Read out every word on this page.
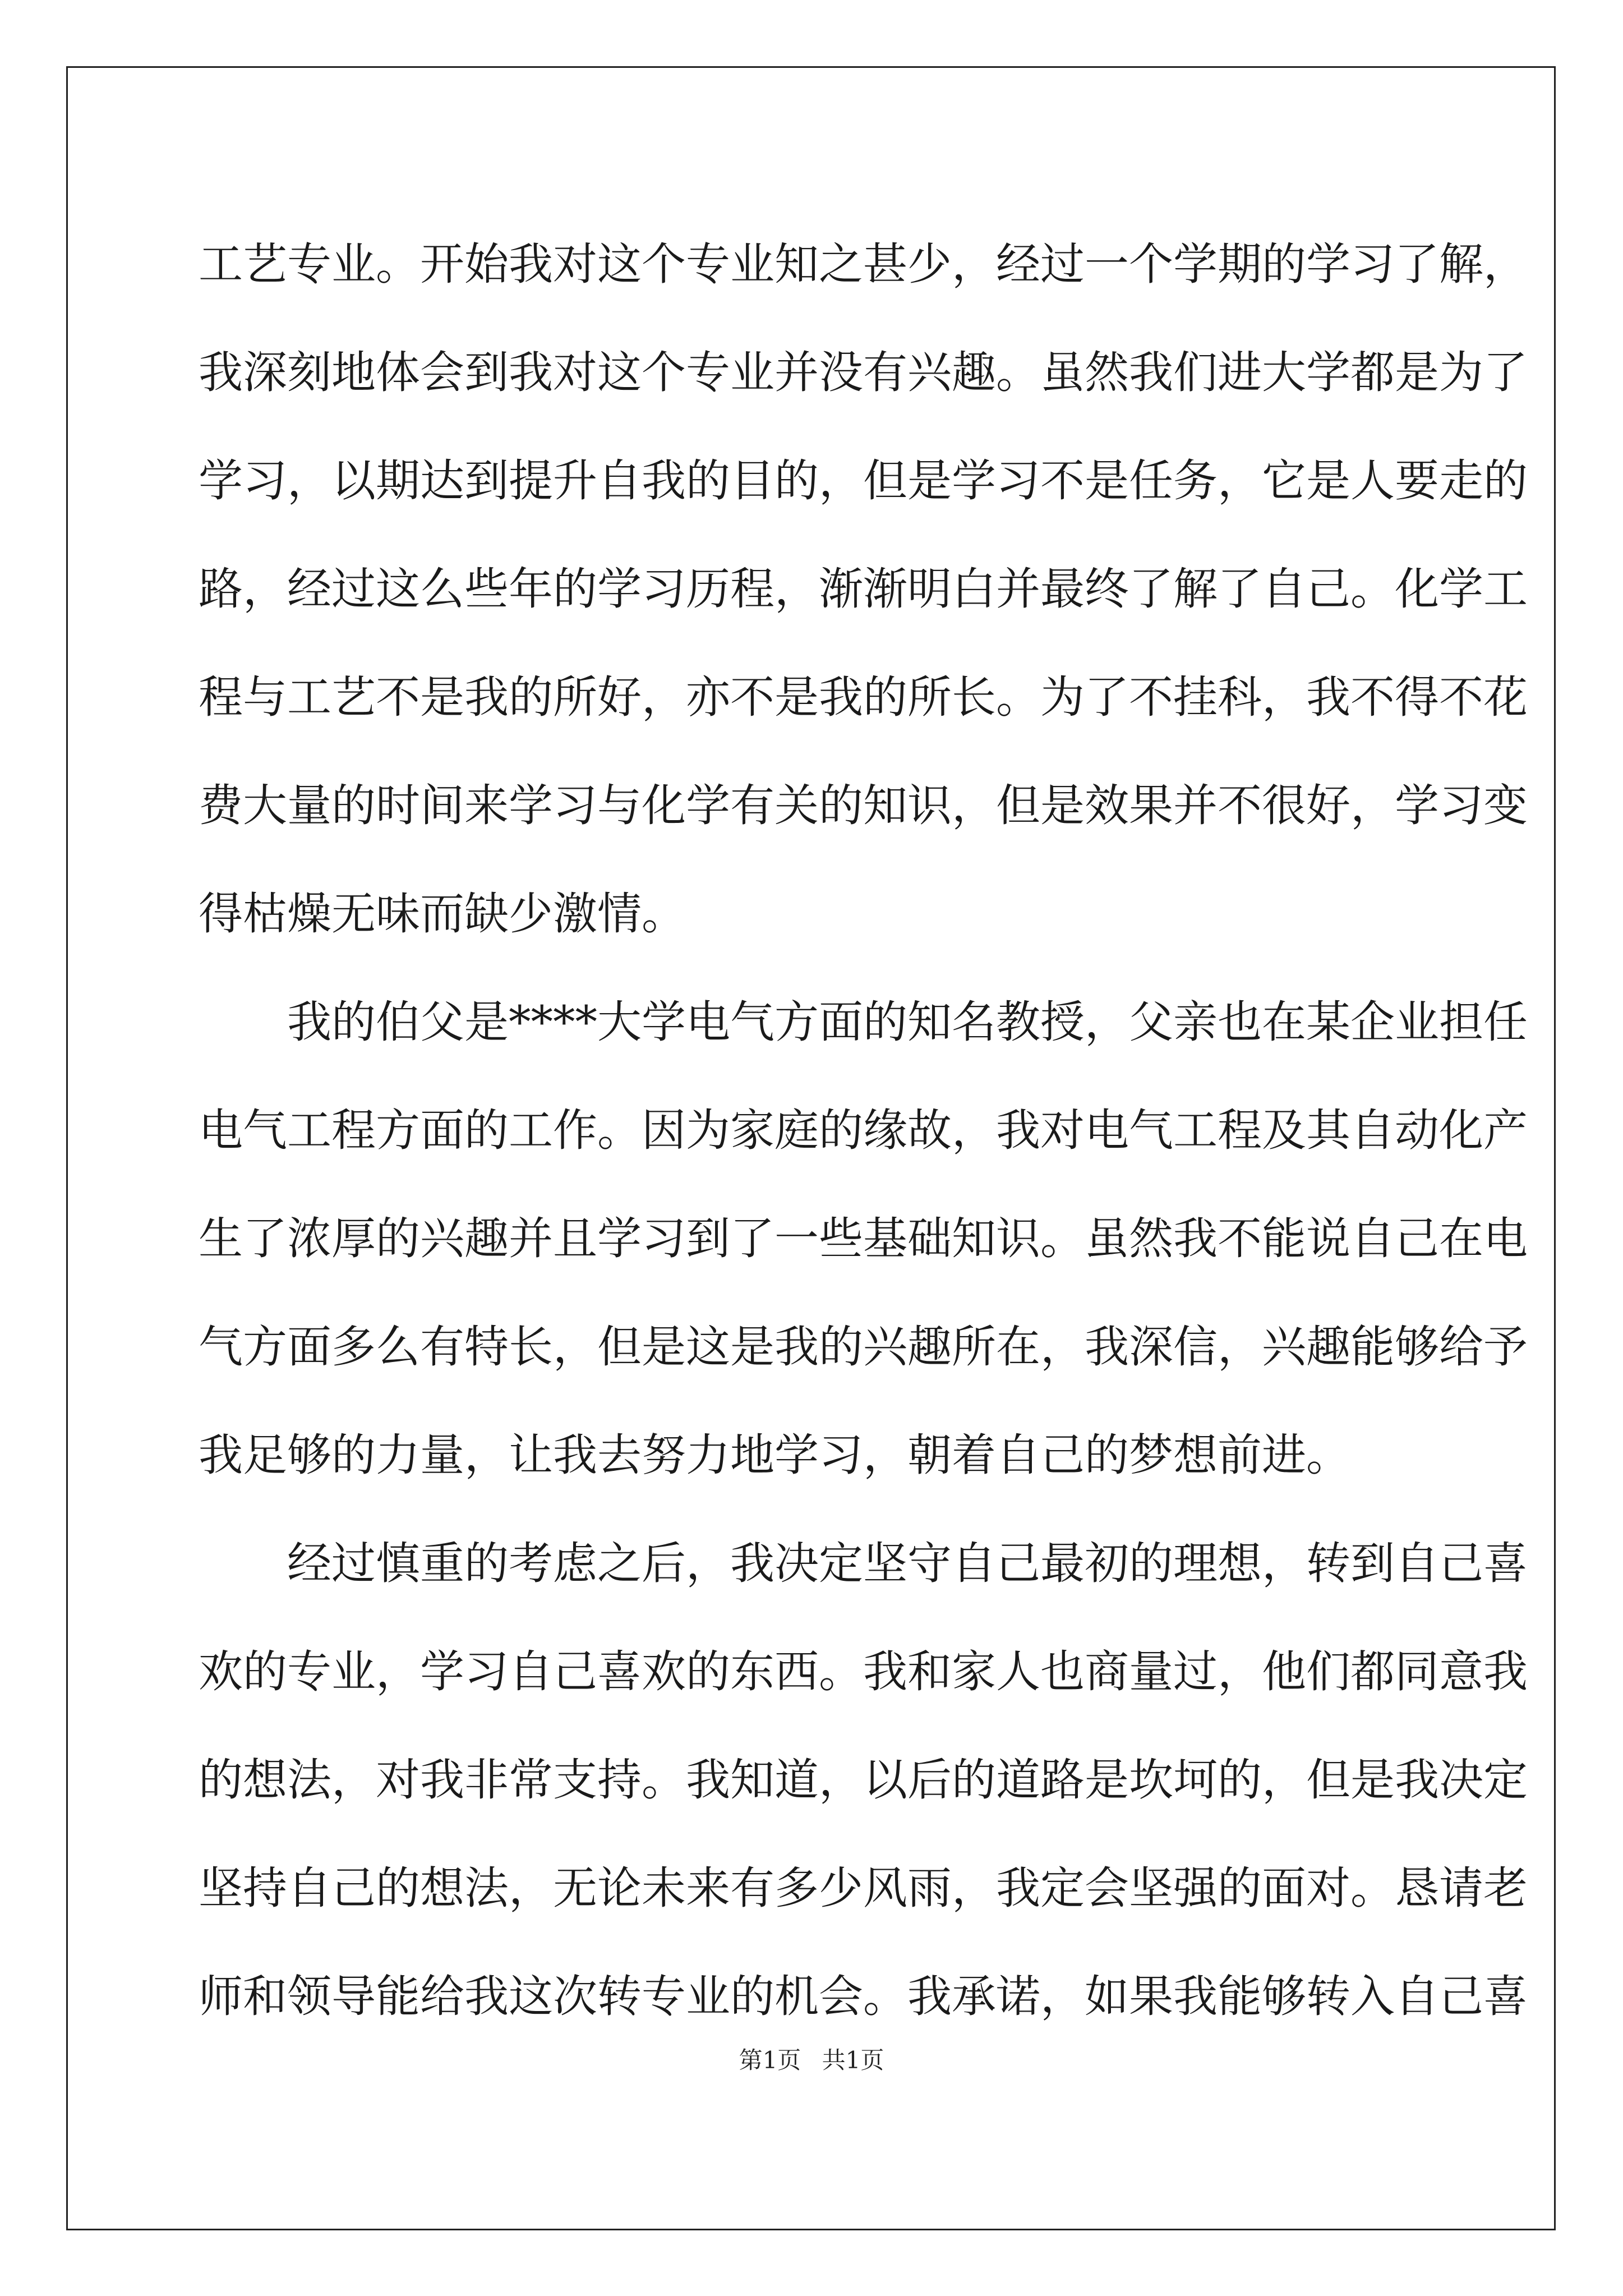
工艺专业。开始我对这个专业知之甚少，经过一个学期的学习了解，
我深刻地体会到我对这个专业并没有兴趣。虽然我们进大学都是为了
学习，以期达到提升自我的目的，但是学习不是任务，它是人要走的
路，经过这么些年的学习历程，渐渐明白并最终了解了自己。化学工
程与工艺不是我的所好，亦不是我的所长。为了不挂科，我不得不花
费大量的时间来学习与化学有关的知识，但是效果并不很好，学习变
得枯燥无味而缺少激情。
我的伯父是****大学电气方面的知名教授，父亲也在某企业担任
电气工程方面的工作。因为家庭的缘故，我对电气工程及其自动化产
生了浓厚的兴趣并且学习到了一些基础知识。虽然我不能说自己在电
气方面多么有特长，但是这是我的兴趣所在，我深信，兴趣能够给予
我足够的力量，让我去努力地学习，朝着自己的梦想前进。
经过慎重的考虑之后，我决定坚守自己最初的理想，转到自己喜
欢的专业，学习自己喜欢的东西。我和家人也商量过，他们都同意我
的想法，对我非常支持。我知道，以后的道路是坎坷的，但是我决定
坚持自己的想法，无论未来有多少风雨，我定会坚强的面对。恳请老
师和领导能给我这次转专业的机会。我承诺，如果我能够转入自己喜
第1页 共1页
